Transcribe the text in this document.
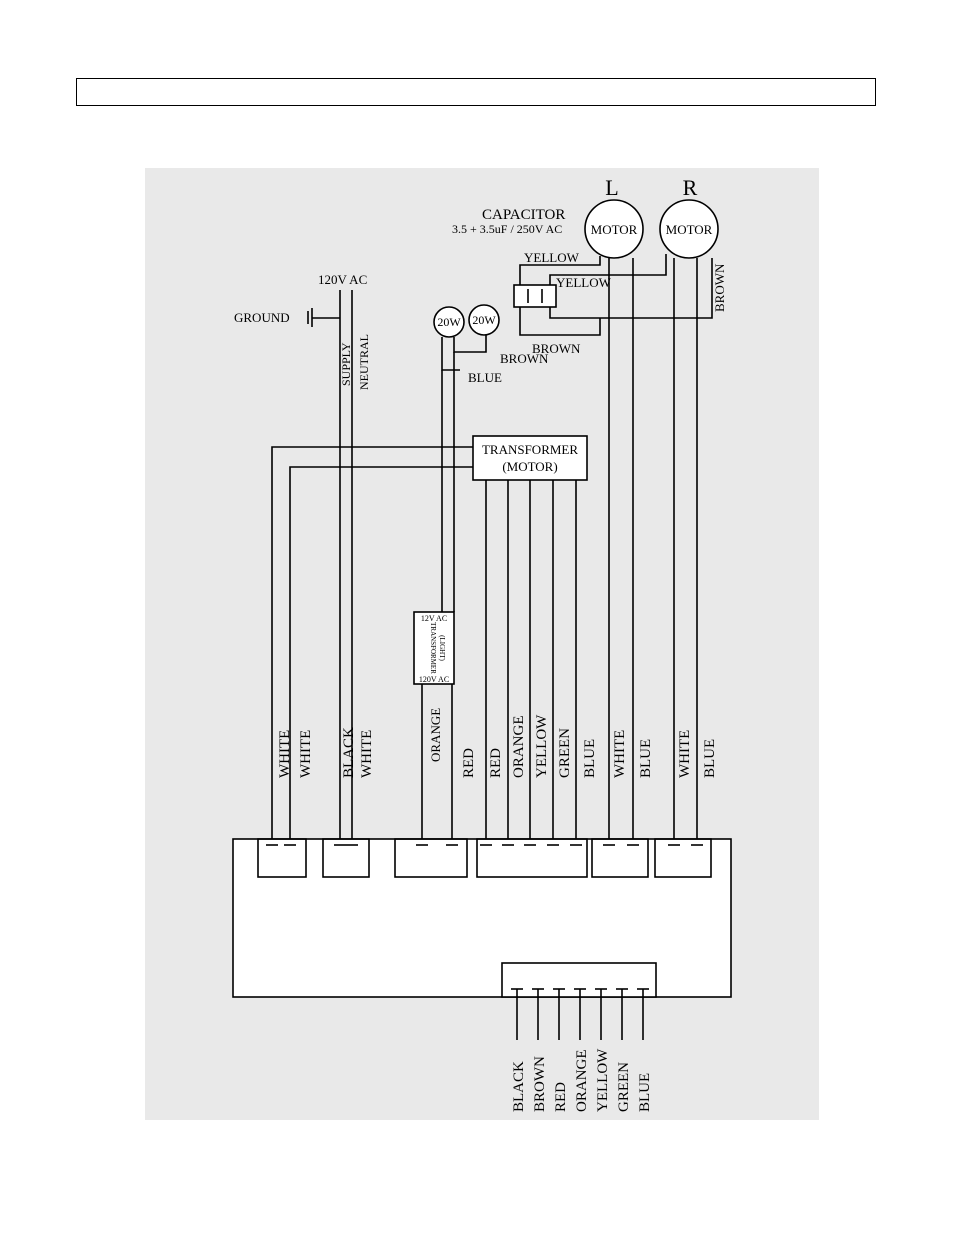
L	R
MOTOR MOTOR
CAPACITOR
3.5 + 3.5uF / 250V AC
YELLOW
YELLOW
BROWN
BROWN
120V AC
GROUND
SUPPLY NEUTRAL
20W 20W
BROWN
BLUE
TRANSFORMER
(MOTOR)
12V AC
TRANSFORMER (LIGHT)
120V AC
WHITE WHITE BLACK WHITE	ORANGE
RED RED ORANGE YELLOW GREEN BLUE WHITE BLUE WHITE BLUE
BLACK BROWN RED ORANGE YELLOW GREEN BLUE
